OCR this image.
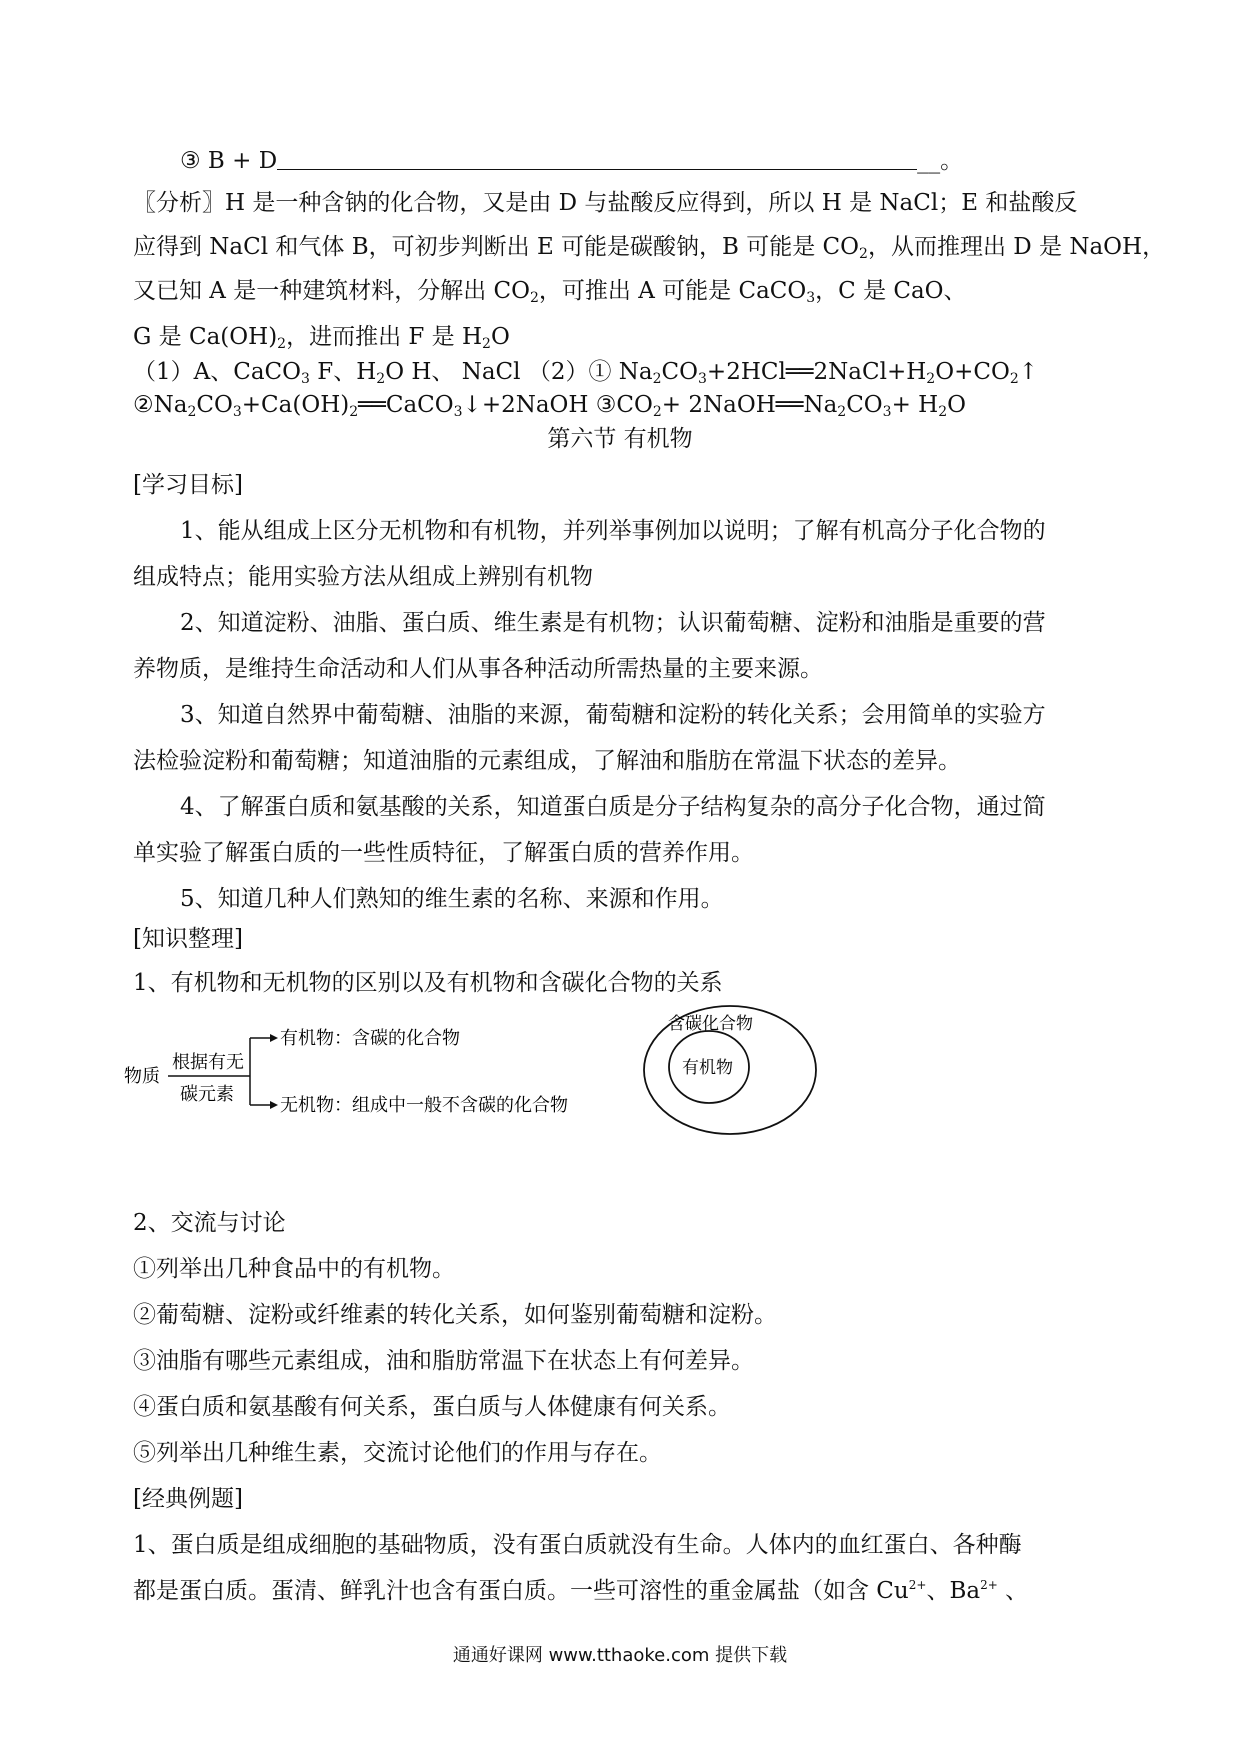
③ B + D	__。
〖分析〗H 是一种含钠的化合物，又是由 D 与盐酸反应得到，所以 H 是 NaCl；E 和盐酸反
应得到 NaCl 和气体 B，可初步判断出 E 可能是碳酸钠，B 可能是 $CO_2$，从而推理出 D 是 NaOH，
又已知 A 是一种建筑材料，分解出 $CO_2$，可推出 A 可能是 CaCO$_3$，C 是 CaO、
G 是 $Ca(OH)_2$，进而推出 F 是 $H_2O$
（1）A、CaCO$_3$ F、$H_2O$ H、 NaCl （2）① $Na_2CO_3+2HCl══2NaCl+H_2O+CO_2↑$
$②Na_2CO_3+Ca(OH)_2══CaCO_3↓+2NaOH$ $③CO_2+$ $2NaOH══Na_2CO_3+ H_2O$
第六节 有机物
[学习目标]
1、能从组成上区分无机物和有机物，并列举事例加以说明；了解有机高分子化合物的
组成特点；能用实验方法从组成上辨别有机物
2、知道淀粉、油脂、蛋白质、维生素是有机物；认识葡萄糖、淀粉和油脂是重要的营
养物质，是维持生命活动和人们从事各种活动所需热量的主要来源。
3、知道自然界中葡萄糖、油脂的来源，葡萄糖和淀粉的转化关系；会用简单的实验方
法检验淀粉和葡萄糖；知道油脂的元素组成，了解油和脂肪在常温下状态的差异。
4、了解蛋白质和氨基酸的关系，知道蛋白质是分子结构复杂的高分子化合物，通过简
单实验了解蛋白质的一些性质特征，了解蛋白质的营养作用。
5、知道几种人们熟知的维生素的名称、来源和作用。
[知识整理]
1、有机物和无机物的区别以及有机物和含碳化合物的关系
物质
根据有无
碳元素
有机物：含碳的化合物
无机物：组成中一般不含碳的化合物
含碳化合物
有机物
2、交流与讨论
①列举出几种食品中的有机物。
②葡萄糖、淀粉或纤维素的转化关系，如何鉴别葡萄糖和淀粉。
③油脂有哪些元素组成，油和脂肪常温下在状态上有何差异。
④蛋白质和氨基酸有何关系，蛋白质与人体健康有何关系。
⑤列举出几种维生素，交流讨论他们的作用与存在。
[经典例题]
1、蛋白质是组成细胞的基础物质，没有蛋白质就没有生命。人体内的血红蛋白、各种酶
都是蛋白质。蛋清、鲜乳汁也含有蛋白质。一些可溶性的重金属盐（如含 $Cu^{2+}$、$Ba^{2+}$ 、
通通好课网 www.tthaoke.com 提供下载
